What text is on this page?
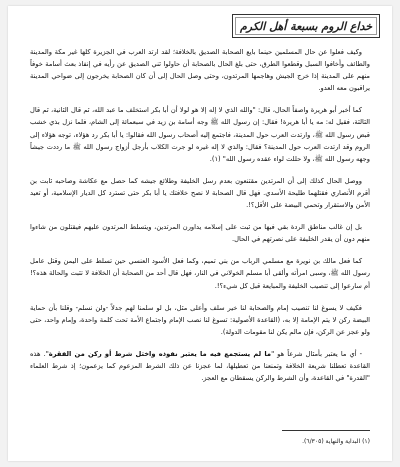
خداع الروم بسبعة أهل الكرم

وكيف فعلوا عن حال المسلمين حينما بايع الصحابة الصديق بالخلافة؛ لقد ارتد العرب في الجزيرة كلها غير مكة والمدينة والطائف وأخافوا السبل وقطعوا الطرق، حتى بلغ الحال بالصحابة أن حاولوا ثني الصديق عن رأيه في إنفاذ بعث أسامة خوفاً منهم على المدينة إذا خرج الجيش وهاجمها المرتدون، وحتى وصل الحال إلى أن كان الصحابة يخرجون إلى ضواحي المدينة يراقبون معه العدو.

كما أخبر أبو هريرة واصفاً الحال، قال: "والله الذي لا إله إلا هو لولا أن أبا بكر استخلف ما عبد الله، ثم قال الثانية، ثم قال الثالثة، فقيل له: مه يا أبا هريرة! فقال: إن رسول الله ﷺ وجه أسامة بن زيد في سبعمائة إلى الشام، فلما نزل بذي خشب قبض رسول الله ﷺ، وارتدت العرب حول المدينة، فاجتمع إليه أصحاب رسول الله فقالوا: يا أبا بكر رد هؤلاء، توجه هؤلاء إلى الروم وقد ارتدت العرب حول المدينة؟ فقال: والذي لا إله غيره لو جرت الكلاب بأرجل أزواج رسول الله ﷺ ما رددت جيشاً وجهه رسول الله ﷺ، ولا حللت لواء عقده رسول الله" (١).

ووصل الحال كذلك إلى أن المرتدين مقتنعون بعدم رسل الخليفة وطلائع جيشه كما حصل مع عكاشة وصاحبه ثابت بن أقرم الأنصاري فقتلهما طليحة الأسدي. فهل قال الصحابة لا نصح خلافتك يا أبا بكر حتى تسترد كل الديار الإسلامية، أو تعيد الأمن والاستقرار وتحمي البيضة على الأقل؟!.

بل إن غالب مناطق الردة بقي فيها من ثبت على إسلامه يداورن المرتدين، ويتسلط المرتدون عليهم فيقتلون من شاءوا منهم دون أن يقدر الخليفة على نصرتهم في الحال.

كما فعل مالك بن نويرة مع مسلمي الرباب من بني تميم، وكما فعل الأسود العنسي حين تسلط على اليمن وقتل عامل رسول الله ﷺ، وسبى امرأته وألقى أبا مسلم الخولاني في النار، فهل قال أحد من الصحابة أن الخلافة لا تثبت والحالة هذه؟! أم سارعوا إلى تنصيب الخليفة والمبايعة قبل كل شيء؟!.

فكيف لا يسوغ لنا تنصيب إمام والصحابة لنا خير سلف وأعلى مثل، بل لو سلمنا لهم جدلاً -ولن نسلم- وقلنا بأن حماية البيضة ركن لا يتم الإمامة إلا به، (القاعدة الأصولية: تسوغ لنا نصب الإمام واجتماع الأمة تحت كلمة واحدة، وإمام واحد، حتى ولو عجز عن الركن، فإن مالم يكن لنا مقومات الدولة).

- أي ما يعتبر بأمثال شرعاً هو "ما لم يستجمع فيه ما يعتبر نفوذه واختل شرط أو ركن من الفقرة". هذه القاعدة تعطلنا شريعة الخلافة وتمنعنا من تعطيلها، لما عجزنا عن ذلك الشرط المزعوم كما يزعمون؛ إذ شرط العلماء "القدرة" في القاعدة، وأن الشرط والركن يسقطان مع العجز.

(١) البداية والنهاية (٦/٣٠٥).
